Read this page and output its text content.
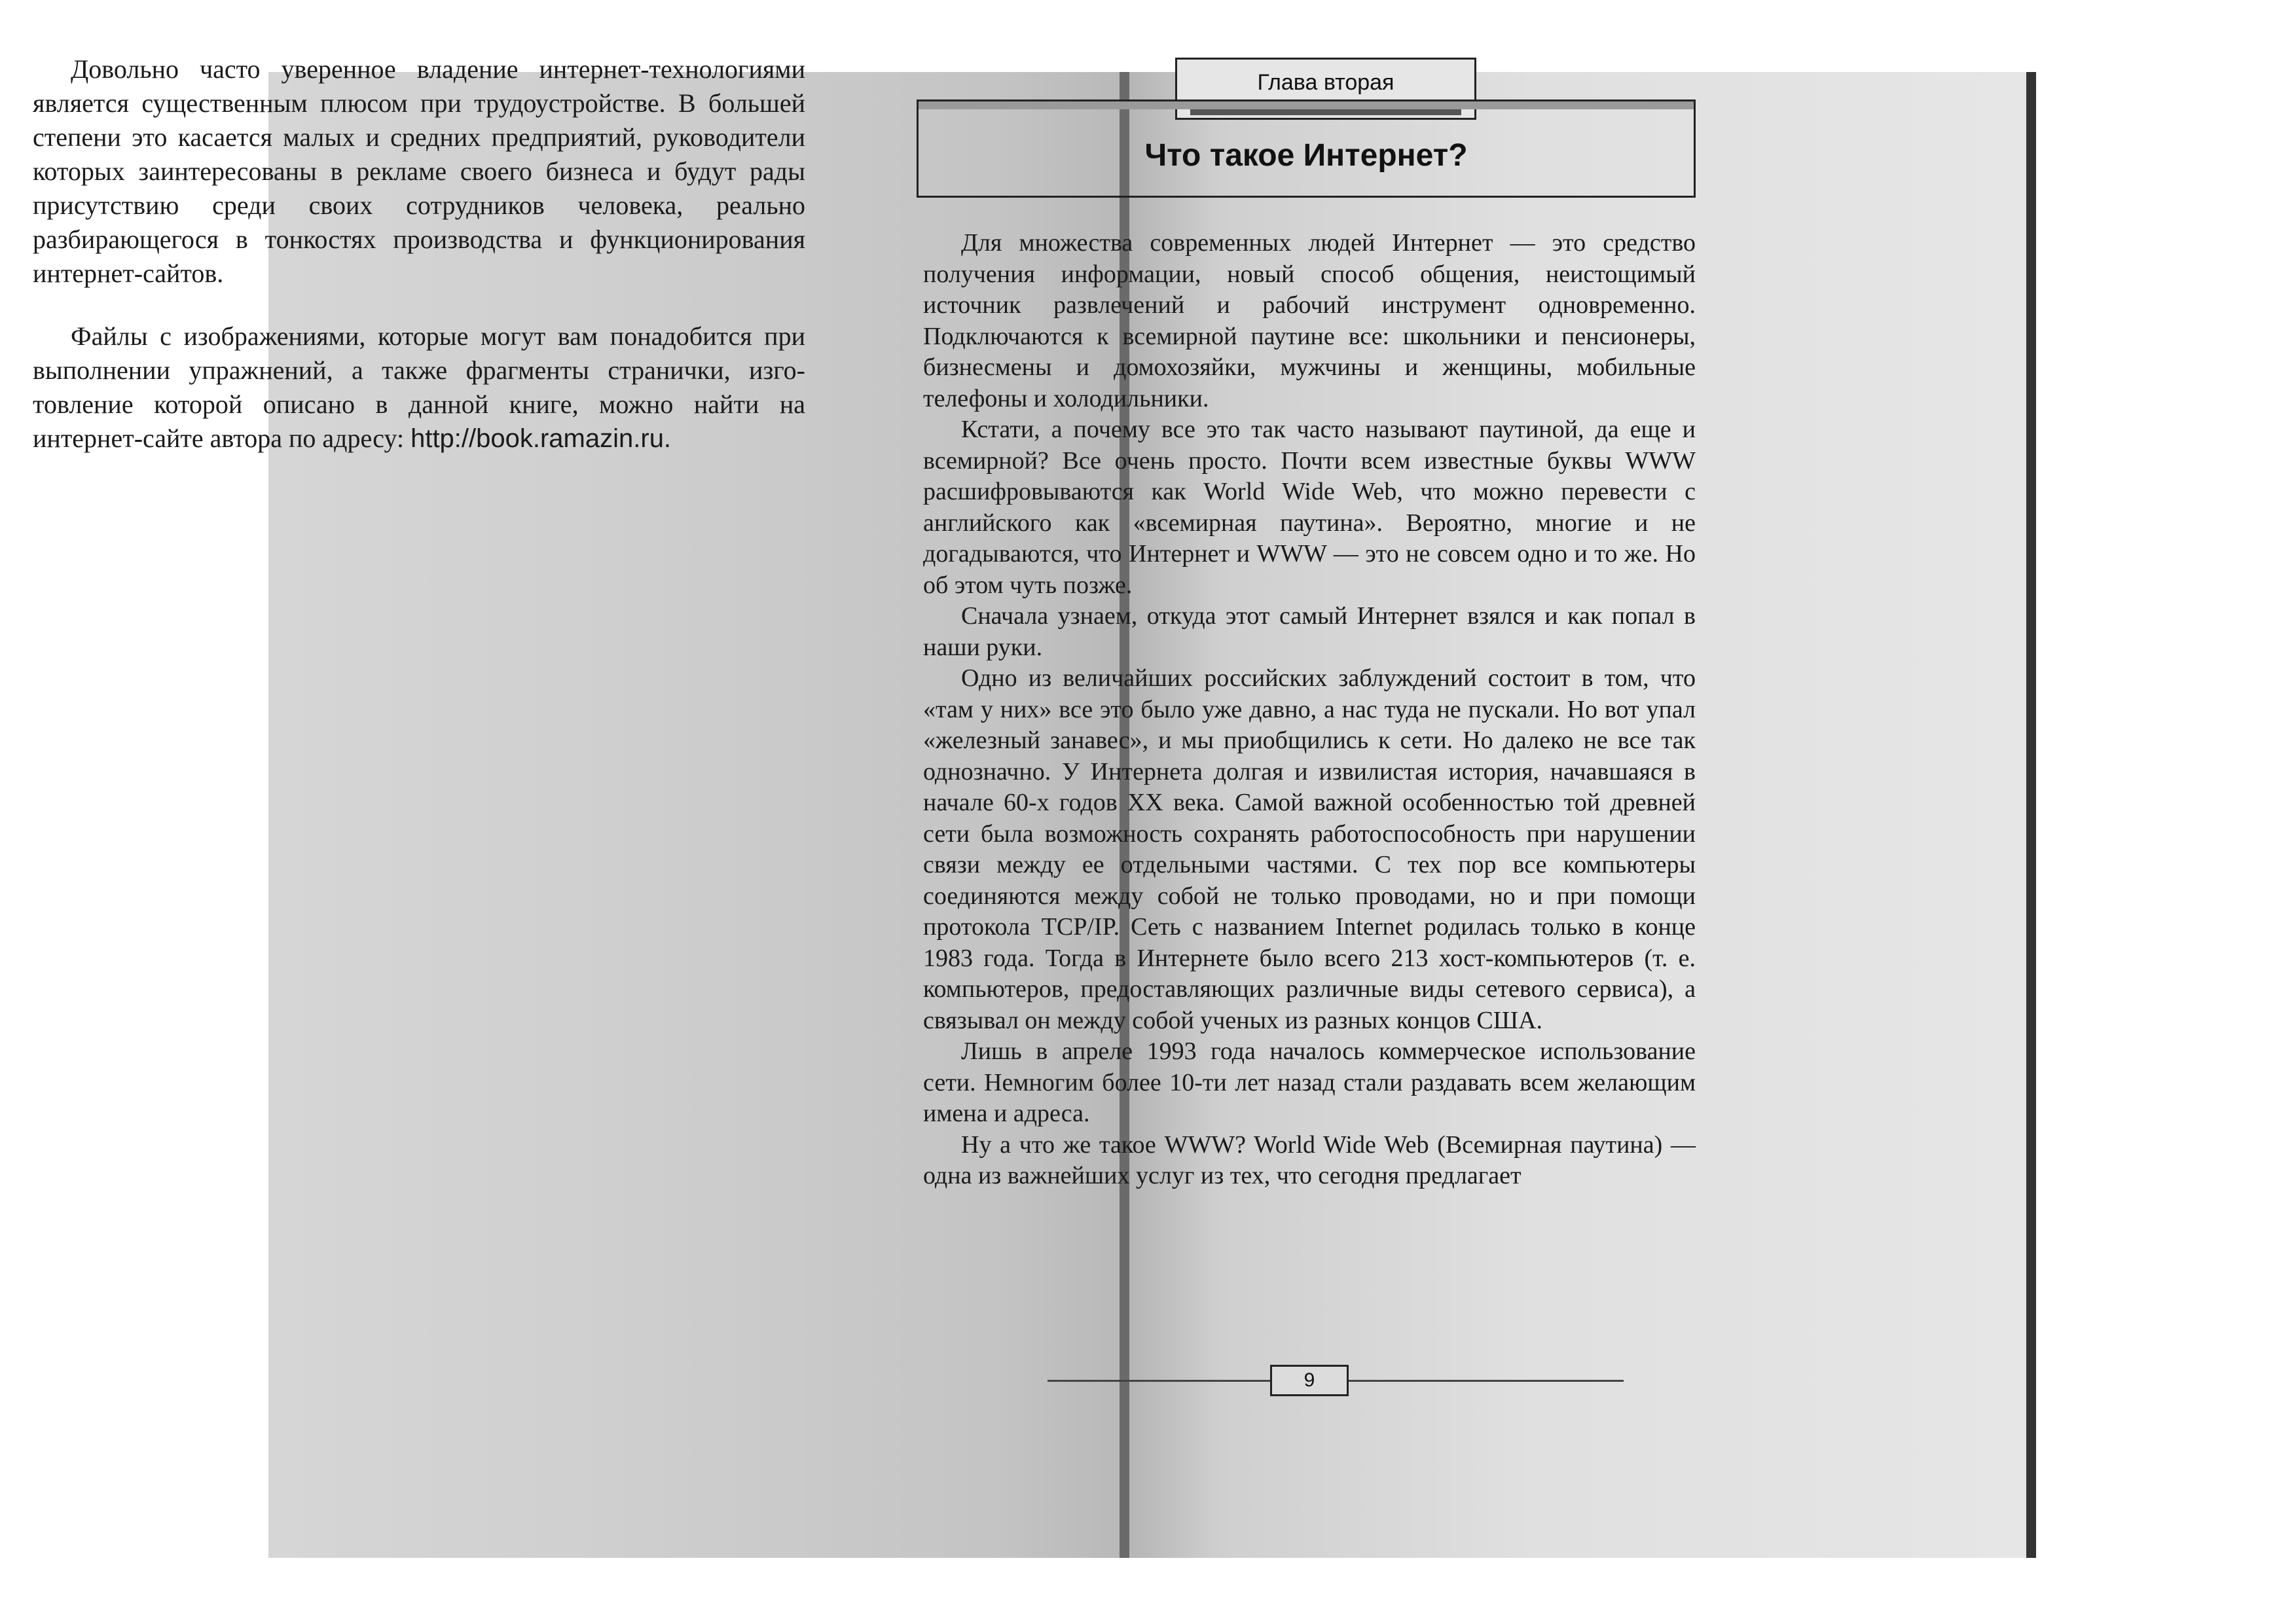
Довольно часто уверенное владение интернет-технологиями является существенным плюсом при трудоустройстве. В большей степени это касается малых и средних предприятий, руководители которых заинтересованы в рекламе своего бизнеса и будут рады присутствию среди своих сотрудников человека, реально разбирающегося в тонкостях производства и функционирования интернет-сайтов.

Файлы с изображениями, которые могут вам понадобится при выполнении упражнений, а также фрагменты странички, изготовление которой описано в данной книге, можно найти на интернет-сайте автора по адресу: http://book.ramazin.ru.

Глава вторая
Что такое Интернет?

Для множества современных людей Интернет — это средство получения информации, новый способ общения, неистощимый источник развлечений и рабочий инструмент одновременно. Подключаются к всемирной паутине все: школьники и пенсионеры, бизнесмены и домохозяйки, мужчины и женщины, мобильные телефоны и холодильники.

Кстати, а почему все это так часто называют паутиной, да еще и всемирной? Все очень просто. Почти всем известные буквы WWW расшифровываются как World Wide Web, что можно перевести с английского как «всемирная паутина». Вероятно, многие и не догадываются, что Интернет и WWW — это не совсем одно и то же. Но об этом чуть позже.

Сначала узнаем, откуда этот самый Интернет взялся и как попал в наши руки.

Одно из величайших российских заблуждений состоит в том, что «там у них» все это было уже давно, а нас туда не пускали. Но вот упал «железный занавес», и мы приобщились к сети. Но далеко не все так однозначно. У Интернета долгая и извилистая история, начавшаяся в начале 60-х годов XX века. Самой важной особенностью той древней сети была возможность сохранять работоспособность при нарушении связи между ее отдельными частями. С тех пор все компьютеры соединяются между собой не только проводами, но и при помощи протокола TCP/IP. Сеть с названием Internet родилась только в конце 1983 года. Тогда в Интернете было всего 213 хост-компьютеров (т. е. компьютеров, предоставляющих различные виды сетевого сервиса), а связывал он между собой ученых из разных концов США.

Лишь в апреле 1993 года началось коммерческое использование сети. Немногим более 10-ти лет назад стали раздавать всем желающим имена и адреса.

Ну а что же такое WWW? World Wide Web (Всемирная паутина) — одна из важнейших услуг из тех, что сегодня предлагает

9
